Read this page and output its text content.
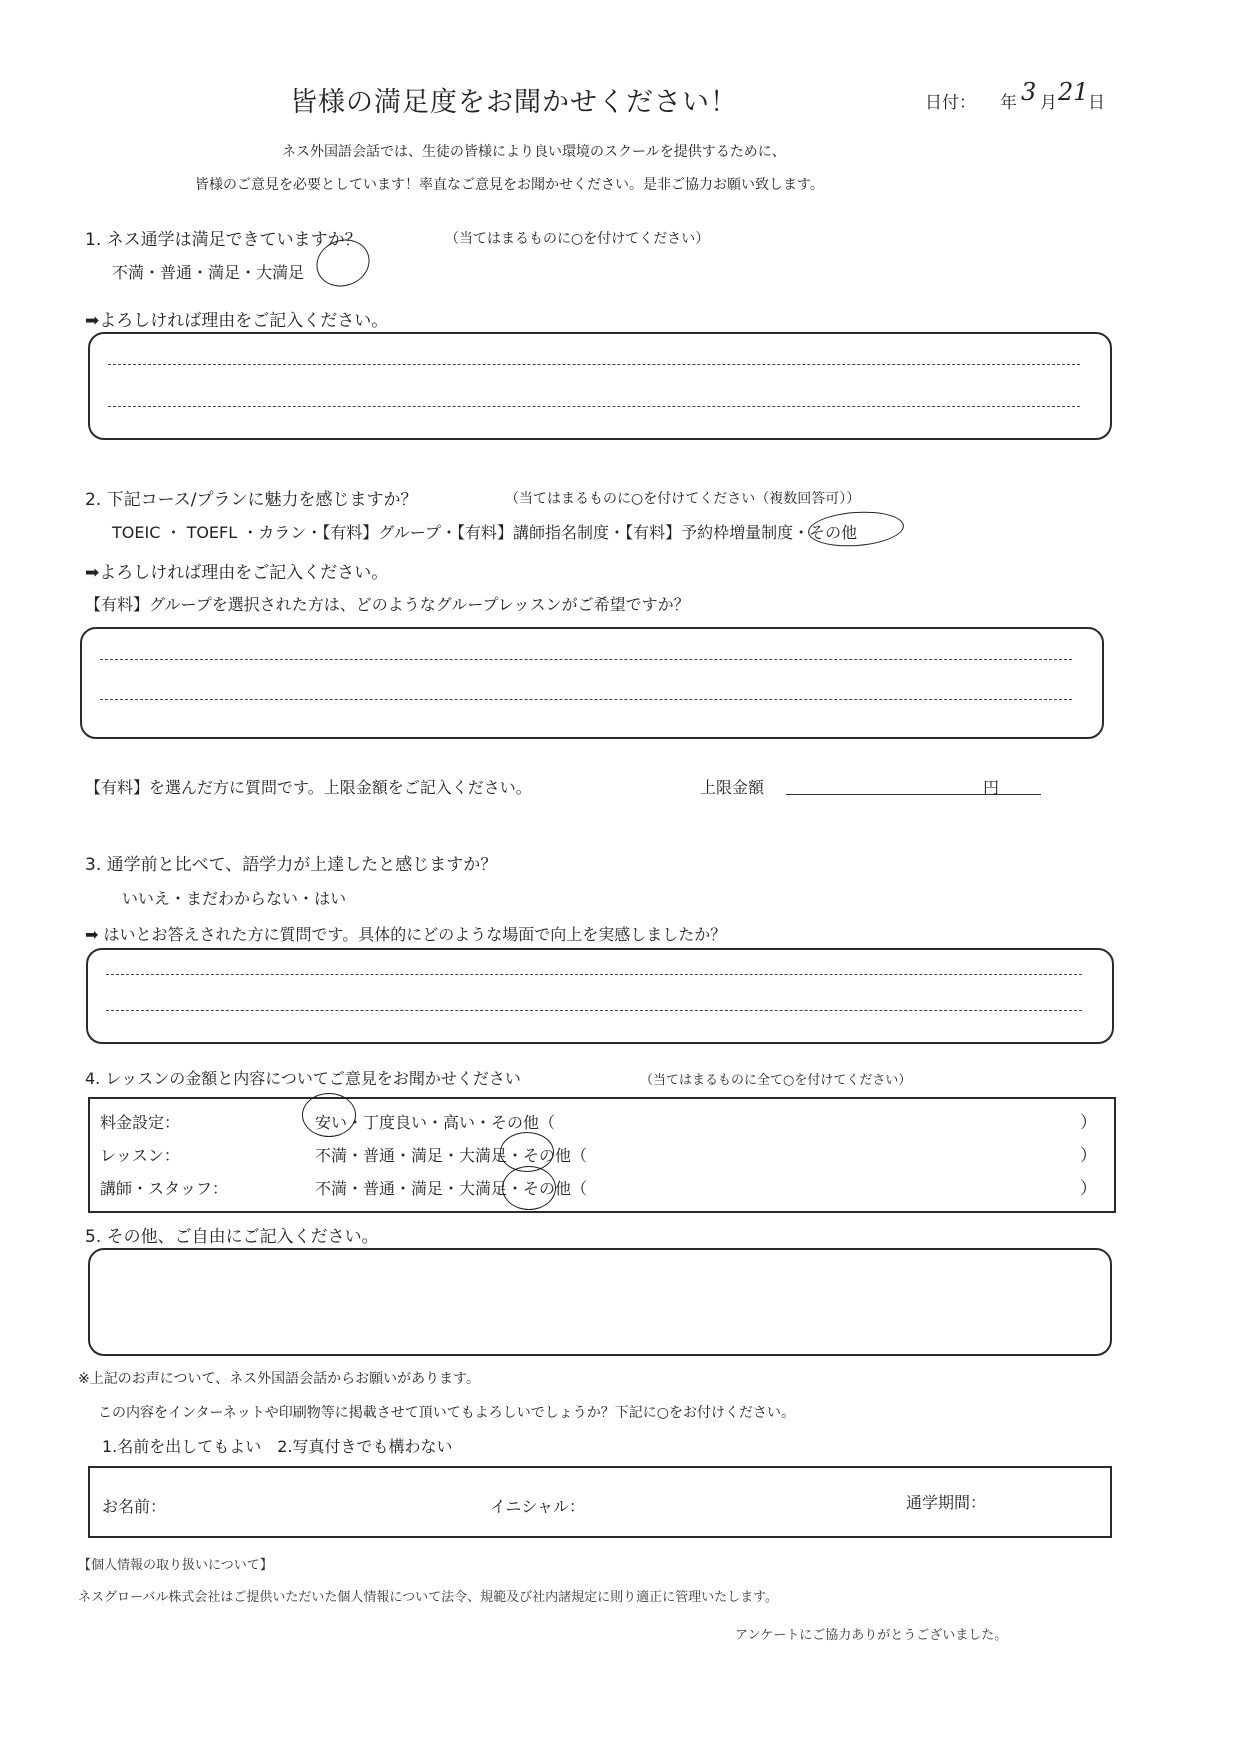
皆様の満足度をお聞かせください！	日付： 年 3 月 21 日
ネス外国語会話では、生徒の皆様により良い環境のスクールを提供するために、
皆様のご意見を必要としています！率直なご意見をお聞かせください。是非ご協力お願い致します。
1. ネス通学は満足できていますか？	（当てはまるものに○を付けてください）
不満・普通・満足・大満足
➡よろしければ理由をご記入ください。
2. 下記コース/プランに魅力を感じますか？	（当てはまるものに○を付けてください（複数回答可））
TOEIC ・ TOEFL ・カラン・【有料】グループ・【有料】講師指名制度・【有料】予約枠増量制度・その他
➡よろしければ理由をご記入ください。
【有料】グループを選択された方は、どのようなグループレッスンがご希望ですか？
【有料】を選んだ方に質問です。上限金額をご記入ください。	上限金額	円
3. 通学前と比べて、語学力が上達したと感じますか？
いいえ・まだわからない・はい
➡ はいとお答えされた方に質問です。具体的にどのような場面で向上を実感しましたか？
4. レッスンの金額と内容についてご意見をお聞かせください	（当てはまるものに全て○を付けてください）
料金設定：	安い・丁度良い・高い・その他（	）
レッスン：	不満・普通・満足・大満足・その他（	）
講師・スタッフ：	不満・普通・満足・大満足・その他（	）
5. その他、ご自由にご記入ください。
※上記のお声について、ネス外国語会話からお願いがあります。
この内容をインターネットや印刷物等に掲載させて頂いてもよろしいでしょうか？下記に○をお付けください。
1.名前を出してもよい　2.写真付きでも構わない
お名前：	イニシャル：	通学期間：
【個人情報の取り扱いについて】
ネスグローバル株式会社はご提供いただいた個人情報について法令、規範及び社内諸規定に則り適正に管理いたします。
アンケートにご協力ありがとうございました。
